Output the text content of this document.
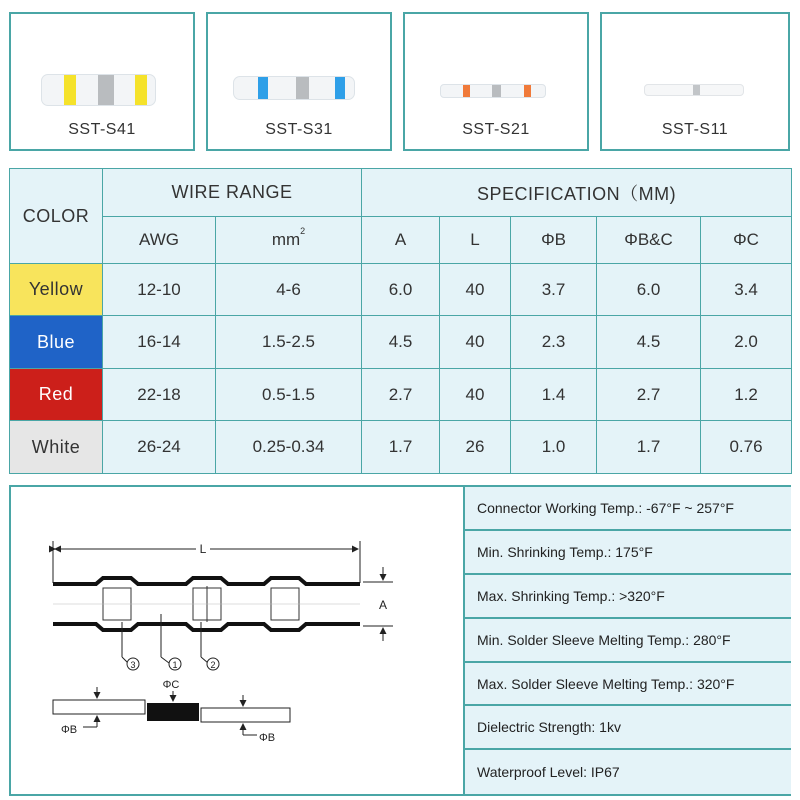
SST-S41	SST-S31	SST-S21	SST-S11
COLOR	WIRE RANGE		SPECIFICATION（MM)				
	AWG	$mm^2$	A	L	ΦB	ΦB&C	ΦC
Yellow	12-10	4-6	6.0	40	3.7	6.0	3.4
Blue	16-14	1.5-2.5	4.5	40	2.3	4.5	2.0
Red	22-18	0.5-1.5	2.7	40	1.4	2.7	1.2
White	26-24	0.25-0.34	1.7	26	1.0	1.7	0.76
L
A
3	1	2
ΦC
ΦB
ΦB
Connector Working Temp.: -67°F ~ 257°F
Min. Shrinking Temp.: 175°F
Max. Shrinking Temp.: >320°F
Min. Solder Sleeve Melting Temp.: 280°F
Max. Solder Sleeve Melting Temp.: 320°F
Dielectric Strength: 1kv
Waterproof Level: IP67
